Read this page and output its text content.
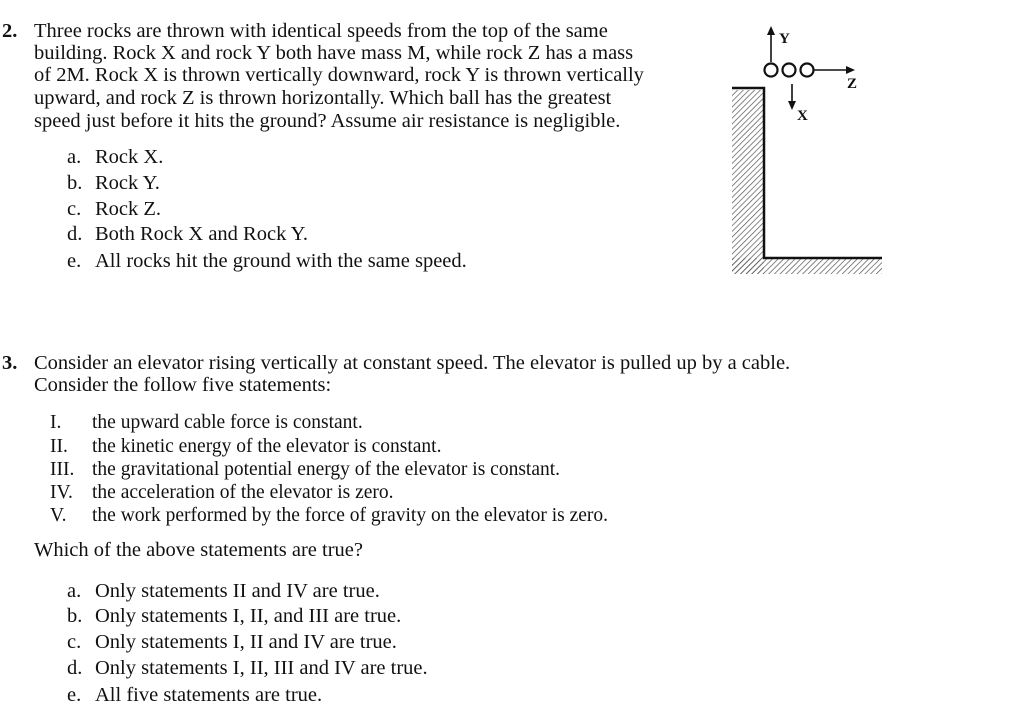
2. Three rocks are thrown with identical speeds from the top of the same
building. Rock X and rock Y both have mass M, while rock Z has a mass
of 2M. Rock X is thrown vertically downward, rock Y is thrown vertically
upward, and rock Z is thrown horizontally. Which ball has the greatest
speed just before it hits the ground? Assume air resistance is negligible.
a. Rock X.
b. Rock Y.
c. Rock Z.
d. Both Rock X and Rock Y.
e. All rocks hit the ground with the same speed.
Y
Z
X
3. Consider an elevator rising vertically at constant speed. The elevator is pulled up by a cable.
Consider the follow five statements:
I. the upward cable force is constant.
II. the kinetic energy of the elevator is constant.
III. the gravitational potential energy of the elevator is constant.
IV. the acceleration of the elevator is zero.
V. the work performed by the force of gravity on the elevator is zero.
Which of the above statements are true?
a. Only statements II and IV are true.
b. Only statements I, II, and III are true.
c. Only statements I, II and IV are true.
d. Only statements I, II, III and IV are true.
e. All five statements are true.
